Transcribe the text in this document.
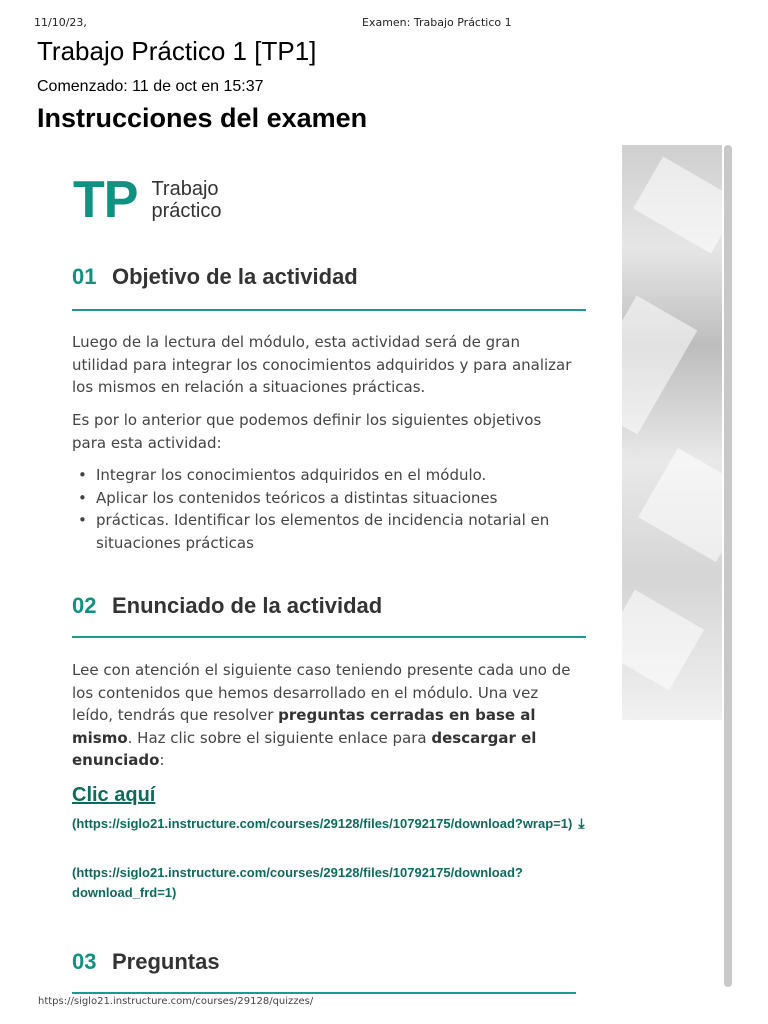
11/10/23,	Examen: Trabajo Práctico 1
Trabajo Práctico 1 [TP1]
Comenzado: 11 de oct en 15:37
Instrucciones del examen
TP Trabajo
práctico
01 Objetivo de la actividad

Luego de la lectura del módulo, esta actividad será de gran utilidad para integrar los conocimientos adquiridos y para analizar los mismos en relación a situaciones prácticas.

Es por lo anterior que podemos definir los siguientes objetivos para esta actividad:

• Integrar los conocimientos adquiridos en el módulo.
• Aplicar los contenidos teóricos a distintas situaciones
• prácticas. Identificar los elementos de incidencia notarial en situaciones prácticas
02 Enunciado de la actividad

Lee con atención el siguiente caso teniendo presente cada uno de los contenidos que hemos desarrollado en el módulo. Una vez leído, tendrás que resolver preguntas cerradas en base al mismo. Haz clic sobre el siguiente enlace para descargar el enunciado:

Clic aquí
(https://siglo21.instructure.com/courses/29128/files/10792175/download?wrap=1) ⤓
(https://siglo21.instructure.com/courses/29128/files/10792175/download?download_frd=1)
03 Preguntas
https://siglo21.instructure.com/courses/29128/quizzes/
